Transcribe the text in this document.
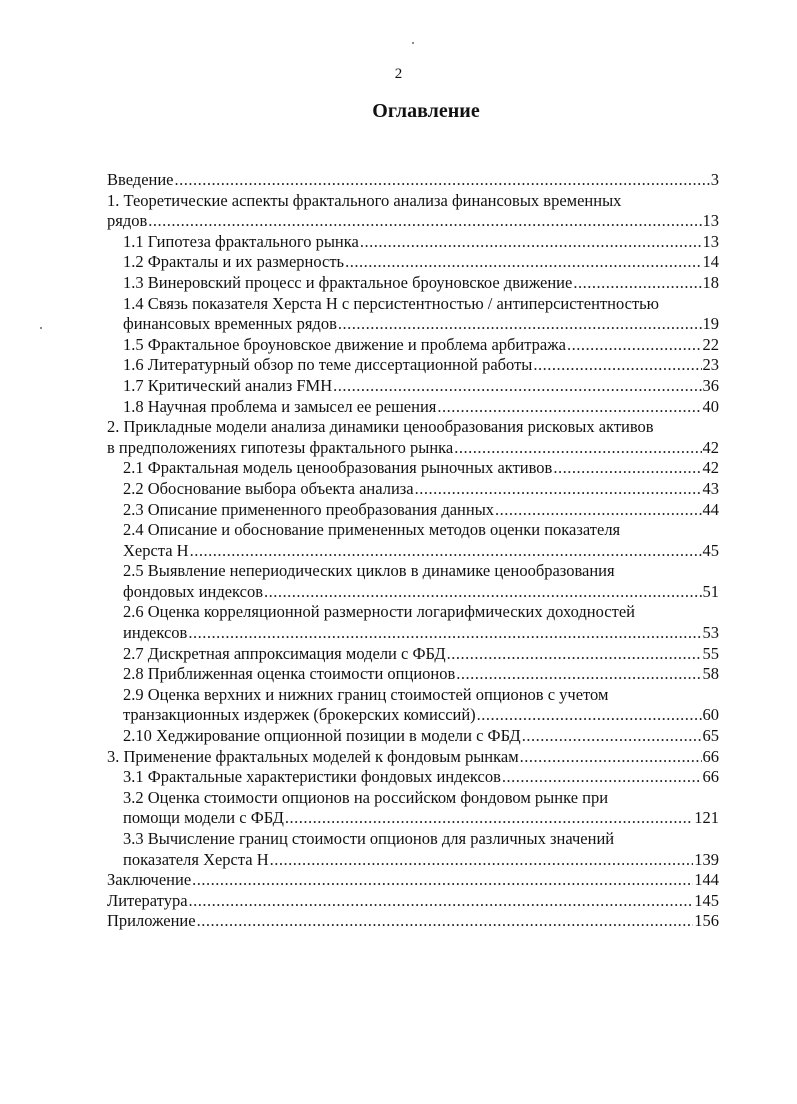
2
Оглавление
Введение .....	3
1. Теоретические аспекты фрактального анализа финансовых временных
рядов .....	13
1.1 Гипотеза фрактального рынка .....	13
1.2 Фракталы и их размерность .....	14
1.3 Винеровский процесс и фрактальное броуновское движение .....	18
1.4 Связь показателя Херста H с персистентностью / антиперсистентностью
финансовых временных рядов .....	19
1.5 Фрактальное броуновское движение и проблема арбитража .....	22
1.6 Литературный обзор по теме диссертационной работы .....	23
1.7 Критический анализ FMH .....	36
1.8 Научная проблема и замысел ее решения .....	40
2. Прикладные модели анализа динамики ценообразования рисковых активов
в предположениях гипотезы фрактального рынка .....	42
2.1 Фрактальная модель ценообразования рыночных активов .....	42
2.2 Обоснование выбора объекта анализа .....	43
2.3 Описание примененного преобразования данных .....	44
2.4 Описание и обоснование примененных методов оценки показателя
Херста Н .....	45
2.5 Выявление непериодических циклов в динамике ценообразования
фондовых индексов .....	51
2.6 Оценка корреляционной размерности логарифмических доходностей
индексов .....	53
2.7 Дискретная аппроксимация модели с ФБД .....	55
2.8 Приближенная оценка стоимости опционов .....	58
2.9 Оценка верхних и нижних границ стоимостей опционов с учетом
транзакционных издержек (брокерских комиссий) .....	60
2.10 Хеджирование опционной позиции в модели с ФБД .....	65
3. Применение фрактальных моделей к фондовым рынкам .....	66
3.1 Фрактальные характеристики фондовых индексов .....	66
3.2 Оценка стоимости опционов на российском фондовом рынке при
помощи модели с ФБД .....	121
3.3 Вычисление границ стоимости опционов для различных значений
показателя Херста H .....	139
Заключение .....	144
Литература .....	145
Приложение .....	156
